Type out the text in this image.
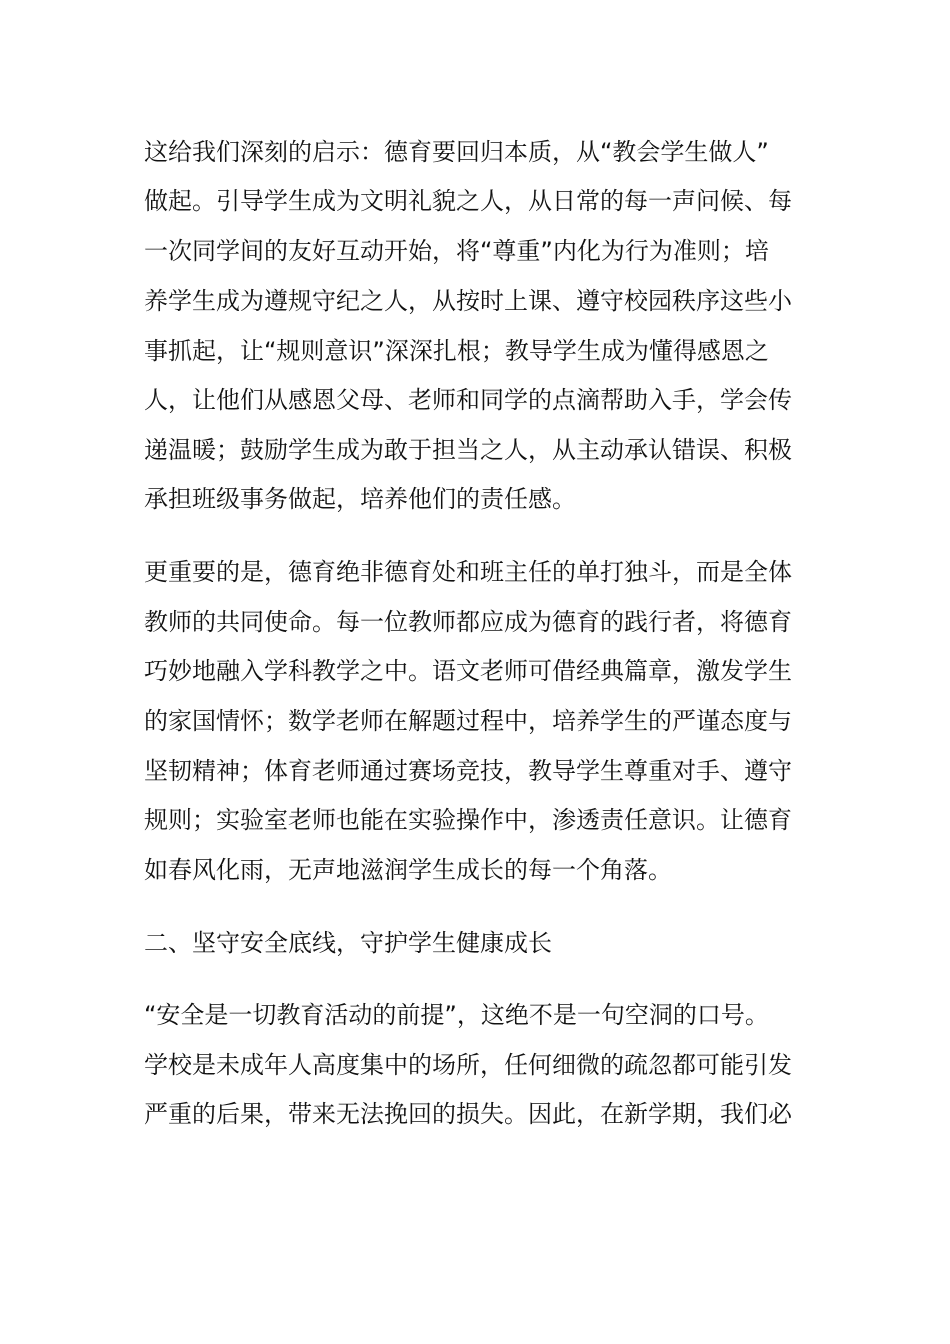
这给我们深刻的启示：德育要回归本质，从“教会学生做人”
做起。引导学生成为文明礼貌之人，从日常的每一声问候、每
一次同学间的友好互动开始，将“尊重”内化为行为准则；培
养学生成为遵规守纪之人，从按时上课、遵守校园秩序这些小
事抓起，让“规则意识”深深扎根；教导学生成为懂得感恩之
人，让他们从感恩父母、老师和同学的点滴帮助入手，学会传
递温暖；鼓励学生成为敢于担当之人，从主动承认错误、积极
承担班级事务做起，培养他们的责任感。
更重要的是，德育绝非德育处和班主任的单打独斗，而是全体
教师的共同使命。每一位教师都应成为德育的践行者，将德育
巧妙地融入学科教学之中。语文老师可借经典篇章，激发学生
的家国情怀；数学老师在解题过程中，培养学生的严谨态度与
坚韧精神；体育老师通过赛场竞技，教导学生尊重对手、遵守
规则；实验室老师也能在实验操作中，渗透责任意识。让德育
如春风化雨，无声地滋润学生成长的每一个角落。
二、坚守安全底线，守护学生健康成长
“安全是一切教育活动的前提”，这绝不是一句空洞的口号。
学校是未成年人高度集中的场所，任何细微的疏忽都可能引发
严重的后果，带来无法挽回的损失。因此，在新学期，我们必
